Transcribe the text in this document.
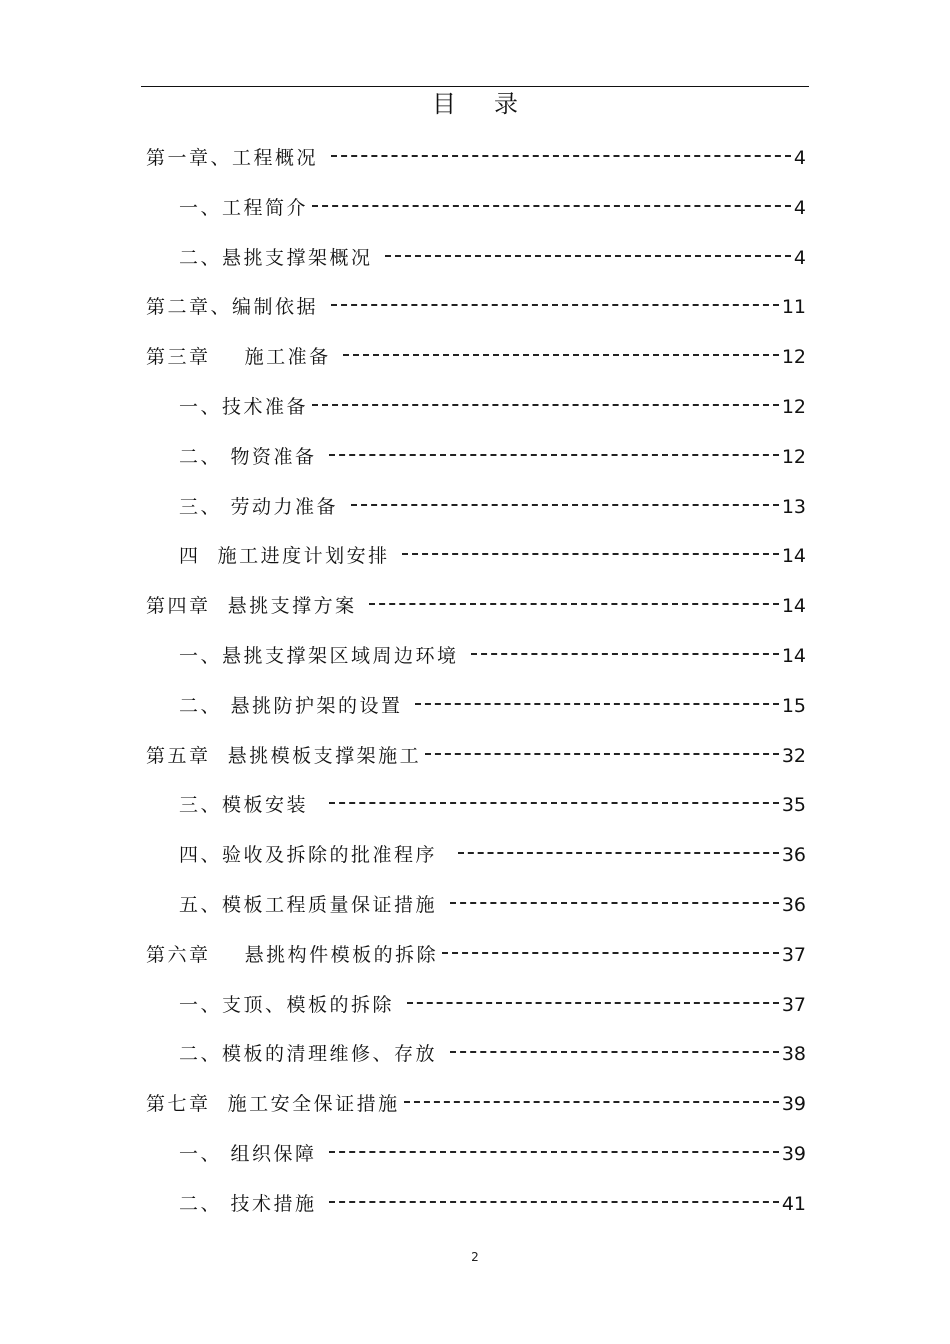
目录
第一章、工程概况	4
一、工程简介	4
二、悬挑支撑架概况	4
第二章、编制依据	11
第三章    施工准备	12
一、技术准备	12
二、 物资准备	12
三、 劳动力准备	13
四  施工进度计划安排	14
第四章  悬挑支撑方案	14
一、悬挑支撑架区域周边环境	14
二、 悬挑防护架的设置	15
第五章  悬挑模板支撑架施工	32
三、模板安装	35
四、验收及拆除的批准程序	36
五、模板工程质量保证措施	36
第六章    悬挑构件模板的拆除	37
一、支顶、模板的拆除	37
二、模板的清理维修、存放	38
第七章  施工安全保证措施	39
一、 组织保障	39
二、 技术措施	41
2
